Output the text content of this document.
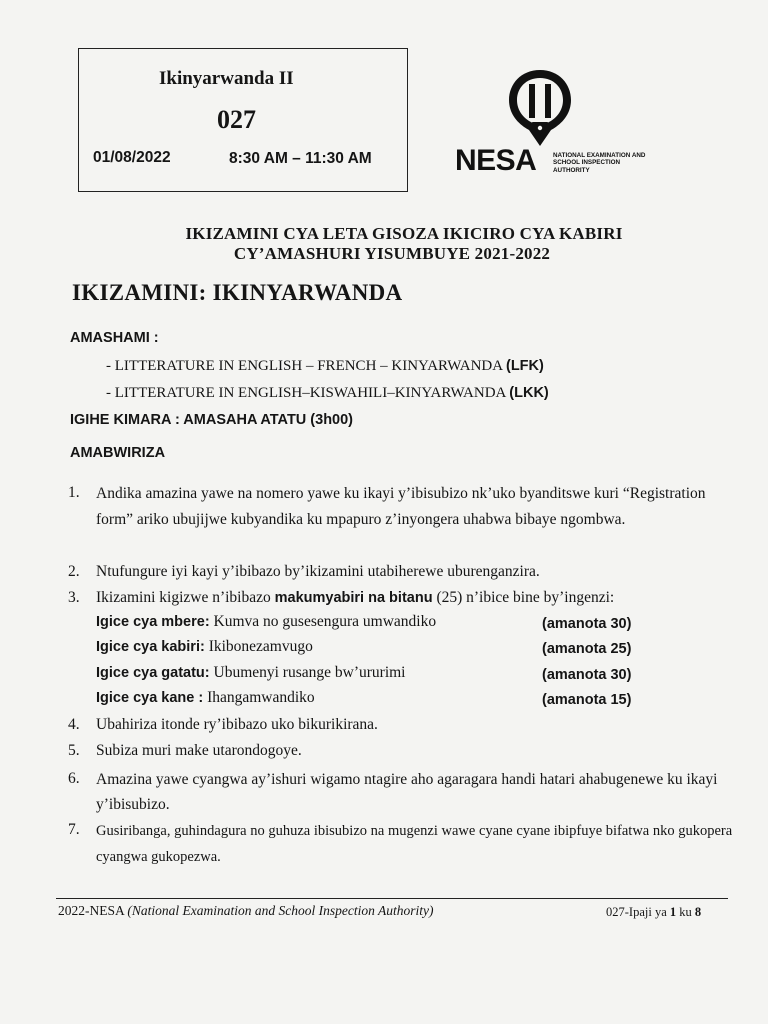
Ikinyarwanda II
027
01/08/2022	8:30 AM – 11:30 AM	NESA	NATIONAL EXAMINATION AND
SCHOOL INSPECTION
AUTHORITY
IKIZAMINI CYA LETA GISOZA IKICIRO CYA KABIRI
CY’AMASHURI YISUMBUYE 2021-2022
IKIZAMINI: IKINYARWANDA
AMASHAMI :
- LITTERATURE IN ENGLISH – FRENCH – KINYARWANDA (LFK)
- LITTERATURE IN ENGLISH–KISWAHILI–KINYARWANDA (LKK)
IGIHE KIMARA : AMASAHA ATATU (3h00)
AMABWIRIZA
1. Andika amazina yawe na nomero yawe ku ikayi y’ibisubizo nk’uko byanditswe kuri “Registration form” ariko ubujijwe kubyandika ku mpapuro z’inyongera uhabwa bibaye ngombwa.
2. Ntufungure iyi kayi y’ibibazo by’ikizamini utabiherewe uburenganzira.
3. Ikizamini kigizwe n’ibibazo makumyabiri na bitanu (25) n’ibice bine by’ingenzi:
Igice cya mbere: Kumva no gusesengura umwandiko	(amanota 30)
Igice cya kabiri: Ikibonezamvugo	(amanota 25)
Igice cya gatatu: Ubumenyi rusange bw’ururimi	(amanota 30)
Igice cya kane : Ihangamwandiko	(amanota 15)
4. Ubahiriza itonde ry’ibibazo uko bikurikirana.
5. Subiza muri make utarondogoye.
6. Amazina yawe cyangwa ay’ishuri wigamo ntagire aho agaragara handi hatari ahabugenewe ku ikayi y’ibisubizo.
7. Gusiribanga, guhindagura no guhuza ibisubizo na mugenzi wawe cyane cyane ibipfuye bifatwa nko gukopera cyangwa gukopezwa.
2022-NESA (National Examination and School Inspection Authority)	027-Ipaji ya 1 ku 8
